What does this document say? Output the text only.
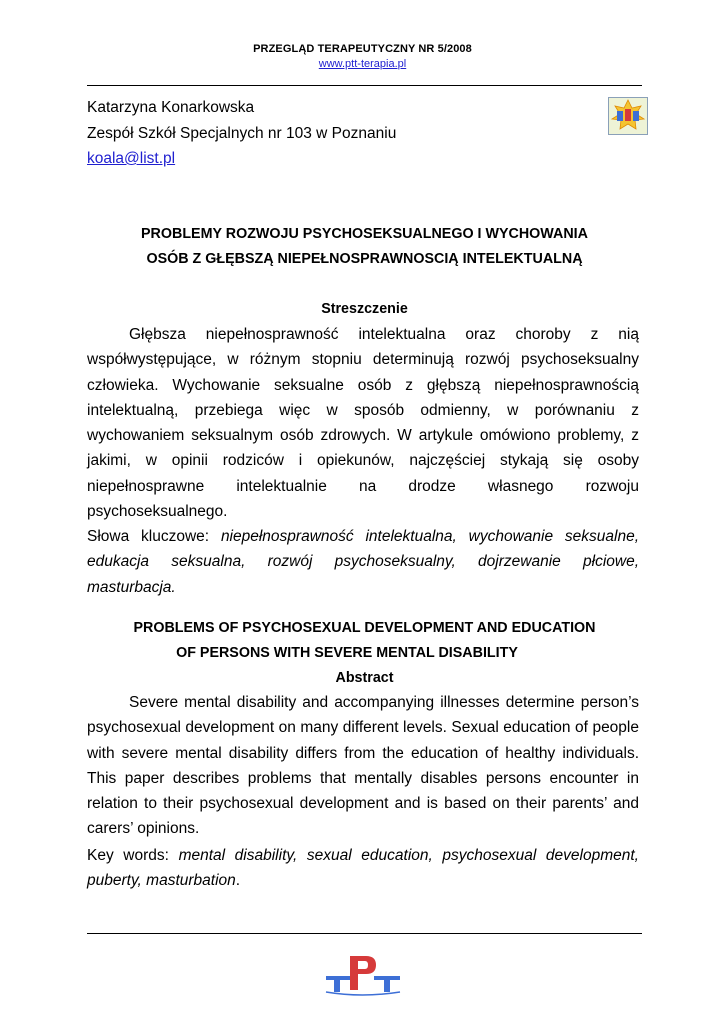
PRZEGLĄD TERAPEUTYCZNY NR 5/2008
www.ptt-terapia.pl
Katarzyna Konarkowska
Zespół Szkół Specjalnych nr 103 w Poznaniu
koala@list.pl
PROBLEMY ROZWOJU PSYCHOSEKSUALNEGO I WYCHOWANIA
OSÓB Z GŁĘBSZĄ NIEPEŁNOSPRAWNOSCIĄ INTELEKTUALNĄ
Streszczenie
Głębsza niepełnosprawność intelektualna oraz choroby z nią współwystępujące, w różnym stopniu determinują rozwój psychoseksualny człowieka. Wychowanie seksualne osób z głębszą niepełnosprawnością intelektualną, przebiega więc w sposób odmienny, w porównaniu z wychowaniem seksualnym osób zdrowych. W artykule omówiono problemy, z jakimi, w opinii rodziców i opiekunów, najczęściej stykają się osoby niepełnosprawne intelektualnie na drodze własnego rozwoju psychoseksualnego.
Słowa kluczowe: niepełnosprawność intelektualna, wychowanie seksualne, edukacja seksualna, rozwój psychoseksualny, dojrzewanie płciowe, masturbacja.
PROBLEMS OF PSYCHOSEXUAL DEVELOPMENT AND EDUCATION
OF PERSONS WITH SEVERE MENTAL DISABILITY
Abstract
Severe mental disability and accompanying illnesses determine person’s psychosexual development on many different levels. Sexual education of people with severe mental disability differs from the education of healthy individuals. This paper describes problems that mentally disables persons encounter in relation to their psychosexual development and is based on their parents’ and carers’ opinions.
Key words: mental disability, sexual education, psychosexual development, puberty, masturbation.
